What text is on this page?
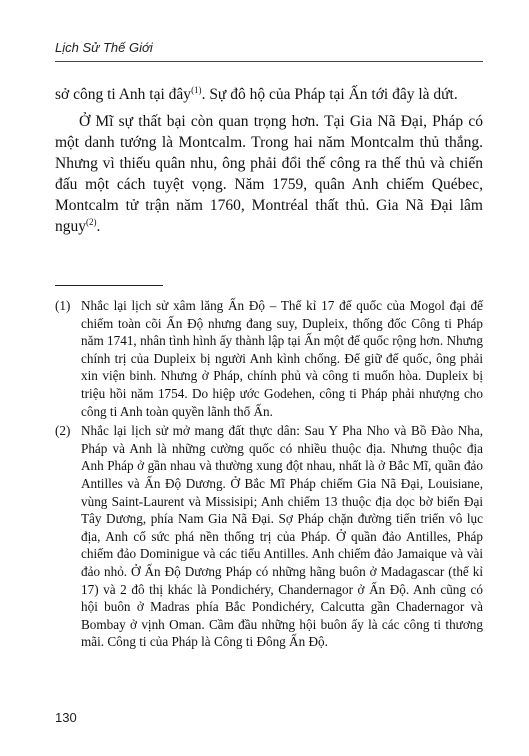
Lịch Sử Thế Giới

sở công ti Anh tại đây$^{(1)}$. Sự đô hộ của Pháp tại Ấn tới đây là dứt.

Ở Mĩ sự thất bại còn quan trọng hơn. Tại Gia Nã Đại, Pháp có một danh tướng là Montcalm. Trong hai năm Montcalm thủ thắng. Nhưng vì thiếu quân nhu, ông phải đổi thế công ra thế thủ và chiến đấu một cách tuyệt vọng. Năm 1759, quân Anh chiếm Québec, Montcalm tử trận năm 1760, Montréal thất thủ. Gia Nã Đại lâm nguy$^{(2)}$.

(1) Nhắc lại lịch sử xâm lăng Ấn Độ – Thế kỉ 17 đế quốc của Mogol đại đế chiếm toàn cõi Ấn Độ nhưng đang suy, Dupleix, thống đốc Công ti Pháp năm 1741, nhân tình hình ấy thành lập tại Ấn một đế quốc rộng hơn. Nhưng chính trị của Dupleix bị người Anh kình chống. Để giữ đế quốc, ông phải xin viện binh. Nhưng ở Pháp, chính phủ và công ti muốn hòa. Dupleix bị triệu hồi năm 1754. Do hiệp ước Godehen, công ti Pháp phải nhượng cho công ti Anh toàn quyền lãnh thổ Ấn.
(2) Nhắc lại lịch sử mở mang đất thực dân: Sau Y Pha Nho và Bồ Đào Nha, Pháp và Anh là những cường quốc có nhiều thuộc địa. Nhưng thuộc địa Anh Pháp ở gần nhau và thường xung đột nhau, nhất là ở Bắc Mĩ, quần đảo Antilles và Ấn Độ Dương. Ở Bắc Mĩ Pháp chiếm Gia Nã Đại, Louisiane, vùng Saint-Laurent và Missisipi; Anh chiếm 13 thuộc địa dọc bờ biển Đại Tây Dương, phía Nam Gia Nã Đại. Sợ Pháp chặn đường tiến triển vô lục địa, Anh cố sức phá nền thống trị của Pháp. Ở quần đảo Antilles, Pháp chiếm đảo Dominigue và các tiểu Antilles. Anh chiếm đảo Jamaique và vài đảo nhỏ. Ở Ấn Độ Dương Pháp có những hãng buôn ở Madagascar (thế kỉ 17) và 2 đô thị khác là Pondichéry, Chandernagor ở Ấn Độ. Anh cũng có hội buôn ở Madras phía Bắc Pondichéry, Calcutta gần Chadernagor và Bombay ở vịnh Oman. Cầm đầu những hội buôn ấy là các công ti thương mãi. Công ti của Pháp là Công ti Đông Ấn Độ.
130
